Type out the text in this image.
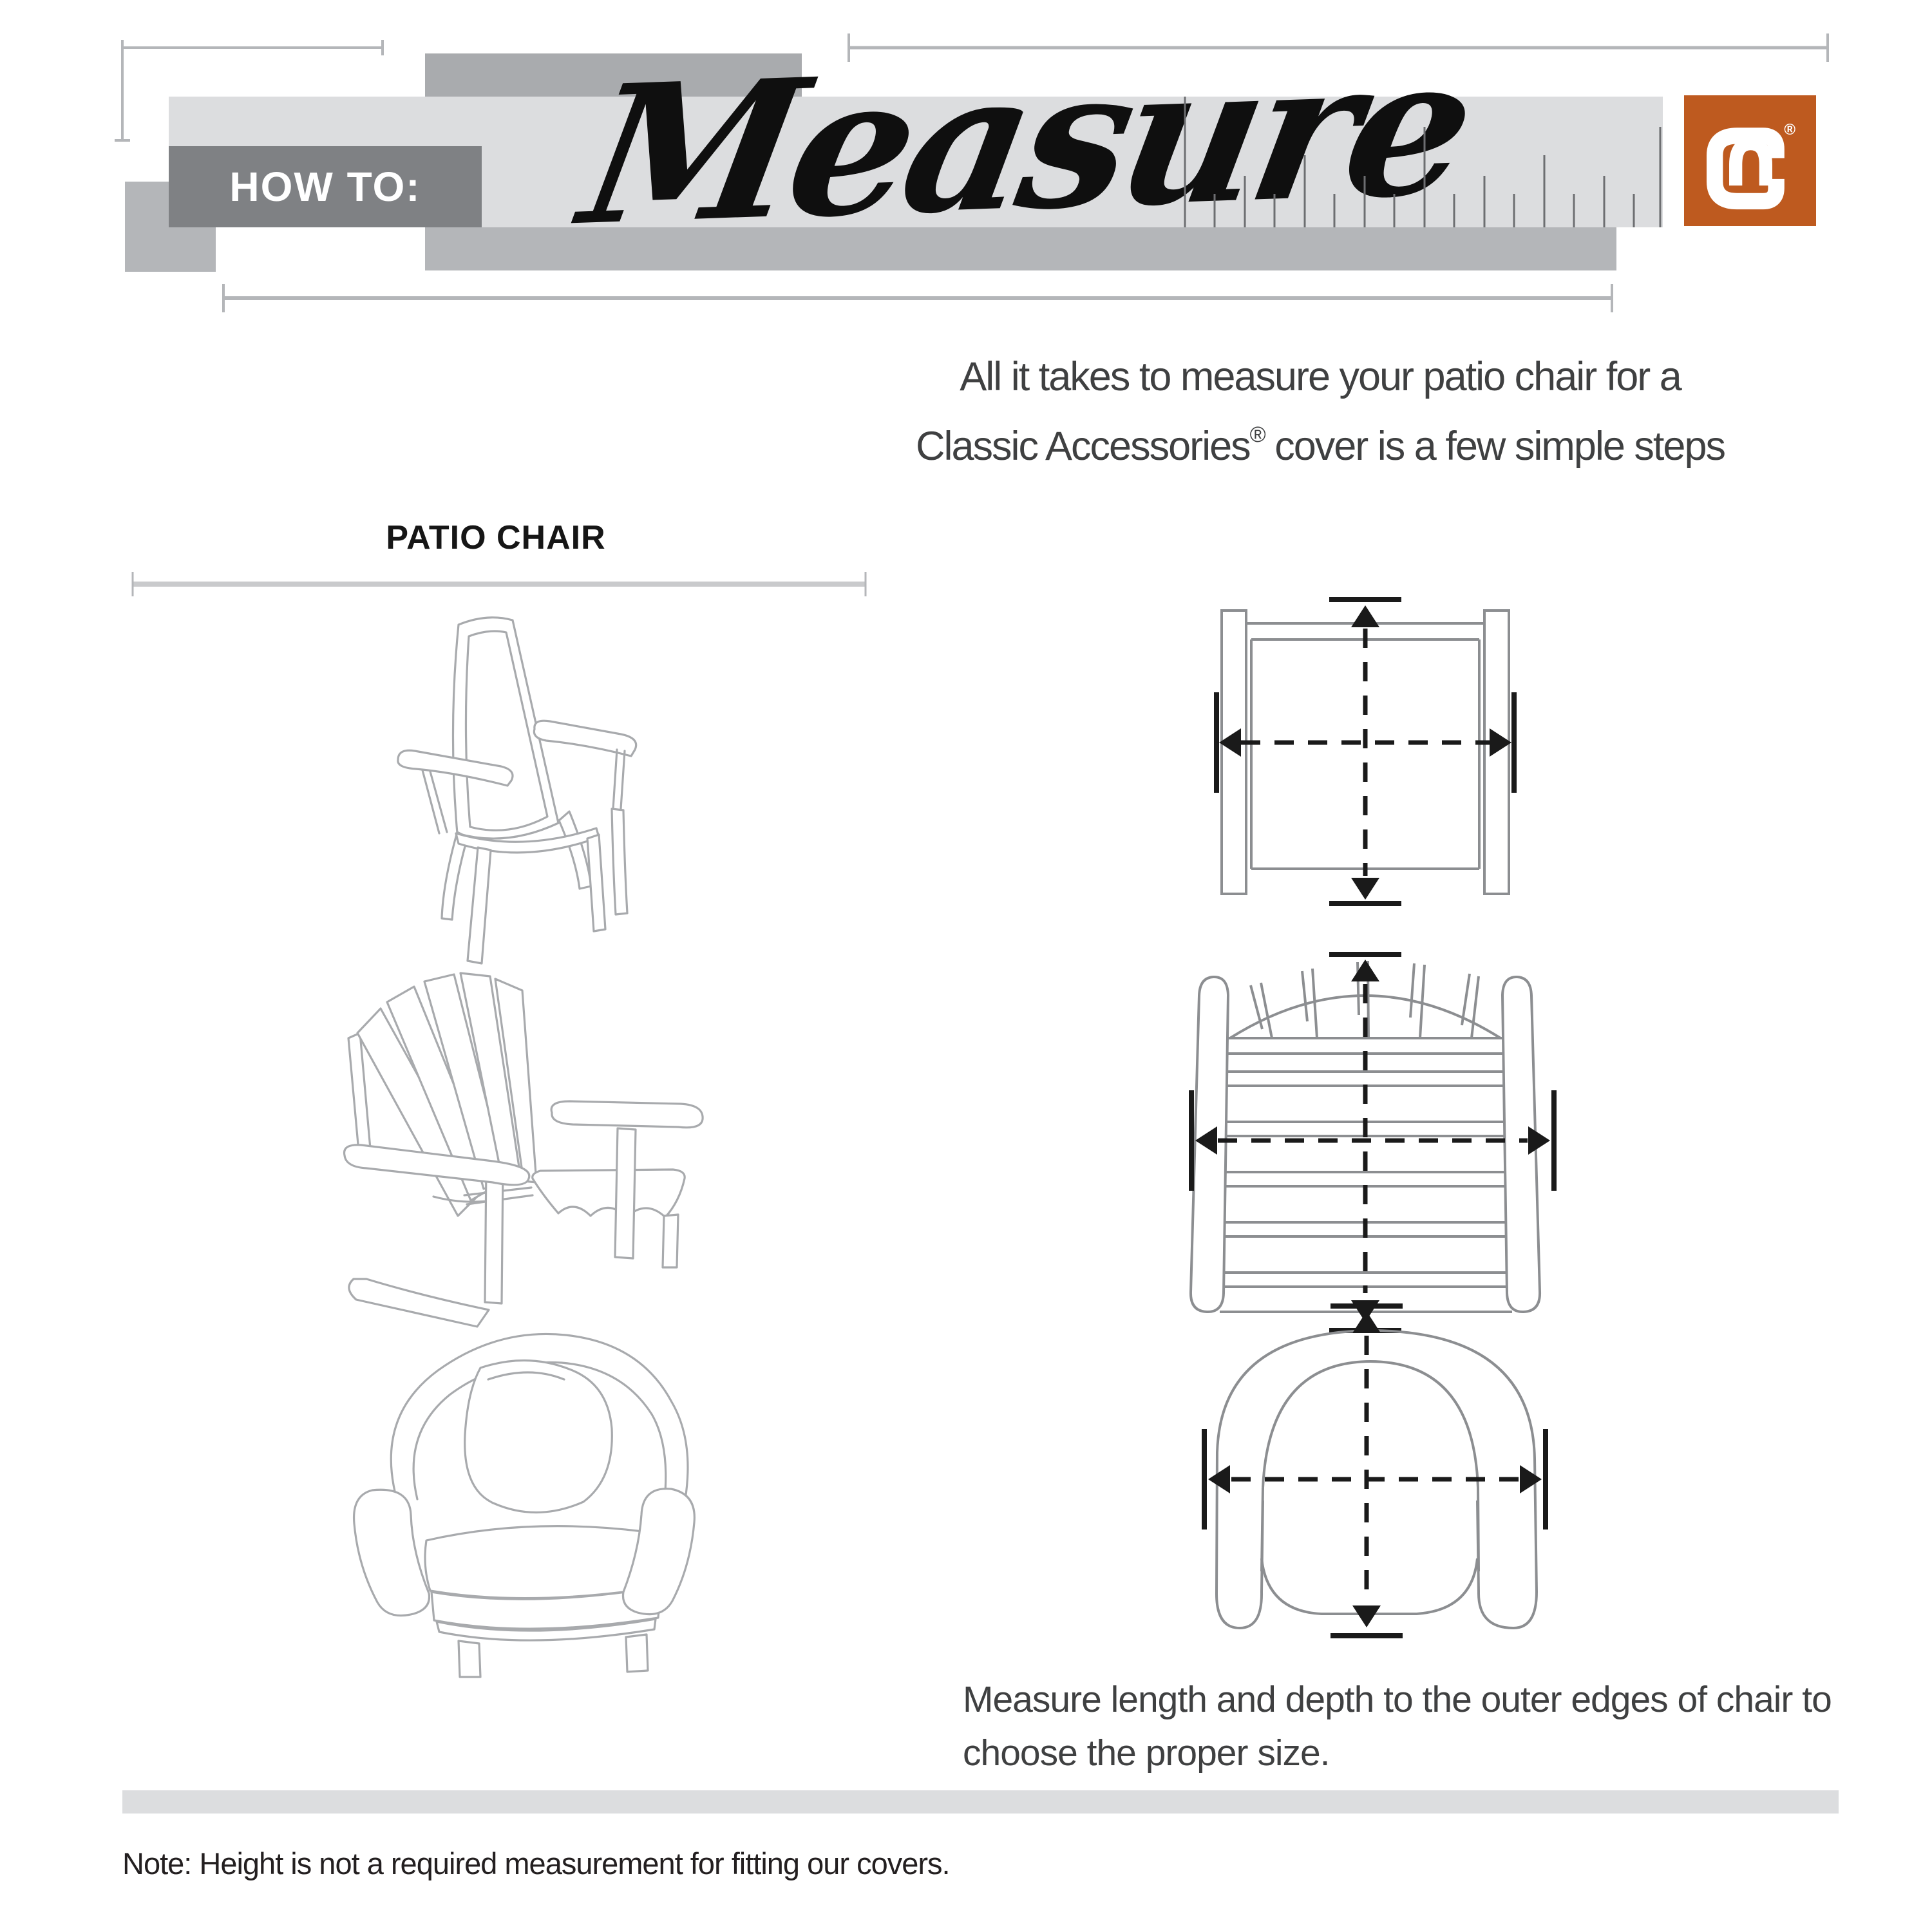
HOW TO: Measure	®
All it takes to measure your patio chair for a
Classic Accessories® cover is a few simple steps
PATIO CHAIR
Measure length and depth to the outer edges of chair to
choose the proper size.
Note: Height is not a required measurement for fitting our covers.
